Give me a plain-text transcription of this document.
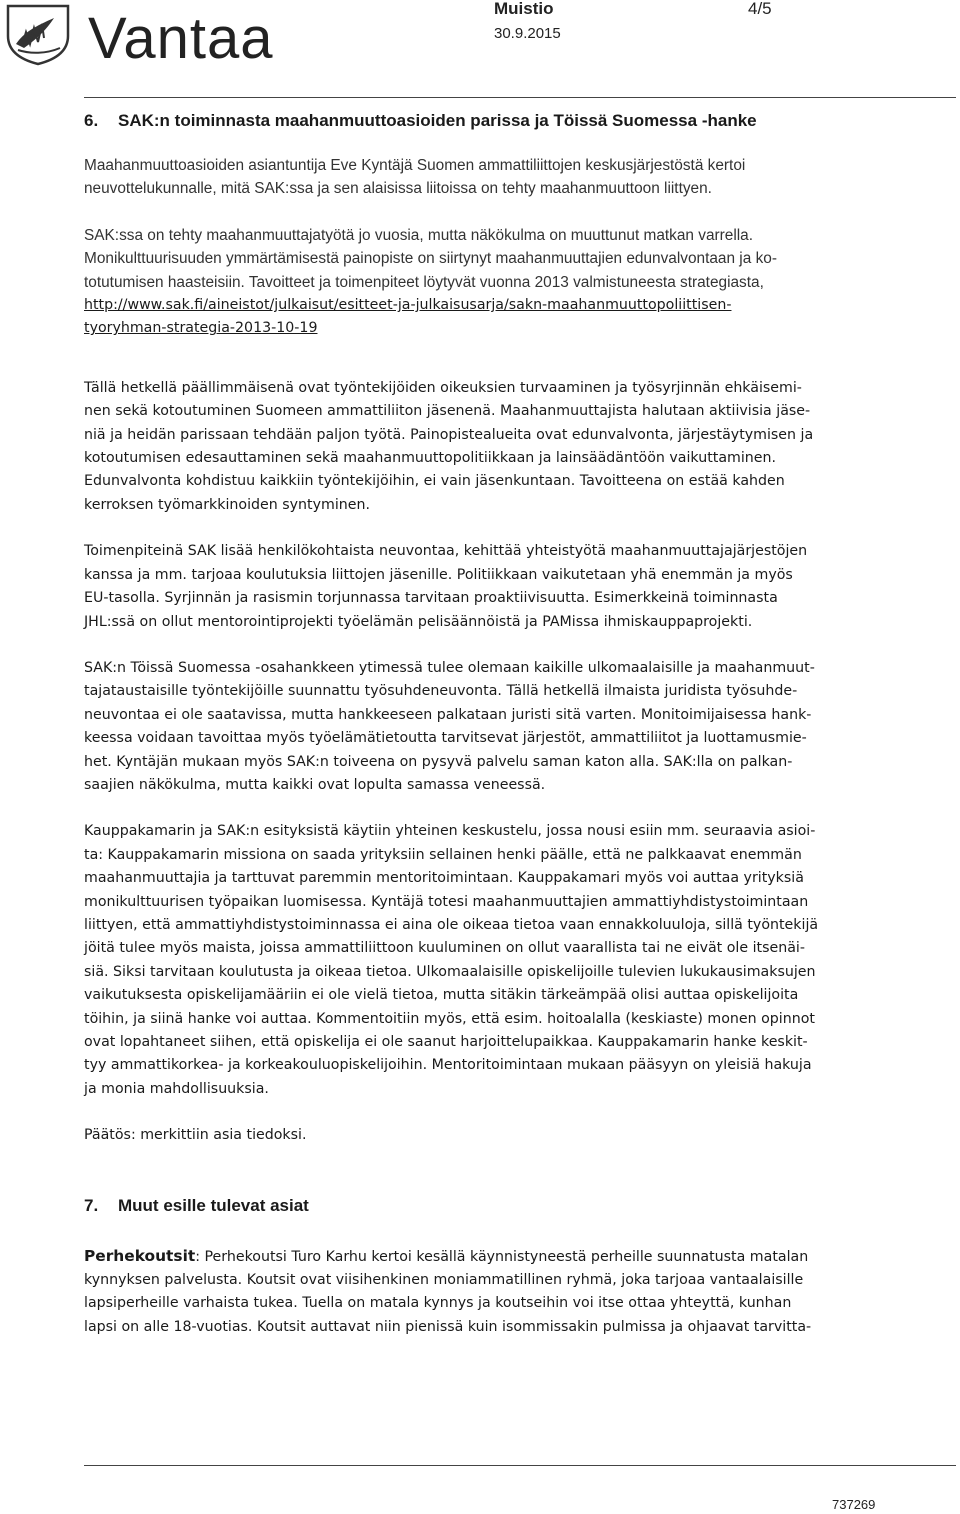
Vantaa	Muistio	4/5
30.9.2015
6. SAK:n toiminnasta maahanmuuttoasioiden parissa ja Töissä Suomessa -hanke

Maahanmuuttoasioiden asiantuntija Eve Kyntäjä Suomen ammattiliittojen keskusjärjestöstä kertoi
neuvottelukunnalle, mitä SAK:ssa ja sen alaisissa liitoissa on tehty maahanmuuttoon liittyen.

SAK:ssa on tehty maahanmuuttajatyötä jo vuosia, mutta näkökulma on muuttunut matkan varrella.
Monikulttuurisuuden ymmärtämisestä painopiste on siirtynyt maahanmuuttajien edunvalvontaan ja ko-
totutumisen haasteisiin. Tavoitteet ja toimenpiteet löytyvät vuonna 2013 valmistuneesta strategiasta,

http://www.sak.fi/aineistot/julkaisut/esitteet-ja-julkaisusarja/sakn-maahanmuuttopoliittisen-
tyoryhman-strategia-2013-10-19

Tällä hetkellä päällimmäisenä ovat työntekijöiden oikeuksien turvaaminen ja työsyrjinnän ehkäisemi-
nen sekä kotoutuminen Suomeen ammattiliiton jäsenenä. Maahanmuuttajista halutaan aktiivisia jäse-
niä ja heidän parissaan tehdään paljon työtä. Painopistealueita ovat edunvalvonta, järjestäytymisen ja
kotoutumisen edesauttaminen sekä maahanmuuttopolitiikkaan ja lainsäädäntöön vaikuttaminen.
Edunvalvonta kohdistuu kaikkiin työntekijöihin, ei vain jäsenkuntaan. Tavoitteena on estää kahden
kerroksen työmarkkinoiden syntyminen.

Toimenpiteinä SAK lisää henkilökohtaista neuvontaa, kehittää yhteistyötä maahanmuuttajajärjestöjen
kanssa ja mm. tarjoaa koulutuksia liittojen jäsenille. Politiikkaan vaikutetaan yhä enemmän ja myös
EU-tasolla. Syrjinnän ja rasismin torjunnassa tarvitaan proaktiivisuutta. Esimerkkeinä toiminnasta
JHL:ssä on ollut mentorointiprojekti työelämän pelisäännöistä ja PAMissa ihmiskauppaprojekti.

SAK:n Töissä Suomessa -osahankkeen ytimessä tulee olemaan kaikille ulkomaalaisille ja maahanmuut-
tajataustaisille työntekijöille suunnattu työsuhdeneuvonta. Tällä hetkellä ilmaista juridista työsuhde-
neuvontaa ei ole saatavissa, mutta hankkeeseen palkataan juristi sitä varten. Monitoimijaisessa hank-
keessa voidaan tavoittaa myös työelämätietoutta tarvitsevat järjestöt, ammattiliitot ja luottamusmie-
het. Kyntäjän mukaan myös SAK:n toiveena on pysyvä palvelu saman katon alla. SAK:lla on palkan-
saajien näkökulma, mutta kaikki ovat lopulta samassa veneessä.

Kauppakamarin ja SAK:n esityksistä käytiin yhteinen keskustelu, jossa nousi esiin mm. seuraavia asioi-
ta: Kauppakamarin missiona on saada yrityksiin sellainen henki päälle, että ne palkkaavat enemmän
maahanmuuttajia ja tarttuvat paremmin mentoritoimintaan. Kauppakamari myös voi auttaa yrityksiä
monikulttuurisen työpaikan luomisessa. Kyntäjä totesi maahanmuuttajien ammattiyhdistystoimintaan
liittyen, että ammattiyhdistystoiminnassa ei aina ole oikeaa tietoa vaan ennakkoluuloja, sillä työntekijä
jöitä tulee myös maista, joissa ammattiliittoon kuuluminen on ollut vaarallista tai ne eivät ole itsenäi-
siä. Siksi tarvitaan koulutusta ja oikeaa tietoa. Ulkomaalaisille opiskelijoille tulevien lukukausimaksujen
vaikutuksesta opiskelijamääriin ei ole vielä tietoa, mutta sitäkin tärkeämpää olisi auttaa opiskelijoita
töihin, ja siinä hanke voi auttaa. Kommentoitiin myös, että esim. hoitoalalla (keskiaste) monen opinnot
ovat lopahtaneet siihen, että opiskelija ei ole saanut harjoittelupaikkaa. Kauppakamarin hanke keskit-
tyy ammattikorkea- ja korkeakouluopiskelijoihin. Mentoritoimintaan mukaan pääsyyn on yleisiä hakuja
ja monia mahdollisuuksia.

Päätös: merkittiin asia tiedoksi.

7. Muut esille tulevat asiat

Perhekoutsit: Perhekoutsi Turo Karhu kertoi kesällä käynnistyneestä perheille suunnatusta matalan
kynnyksen palvelusta. Koutsit ovat viisihenkinen moniammatillinen ryhmä, joka tarjoaa vantaalaisille
lapsiperheille varhaista tukea. Tuella on matala kynnys ja koutseihin voi itse ottaa yhteyttä, kunhan
lapsi on alle 18-vuotias. Koutsit auttavat niin pienissä kuin isommissakin pulmissa ja ohjaavat tarvitta-

737269
